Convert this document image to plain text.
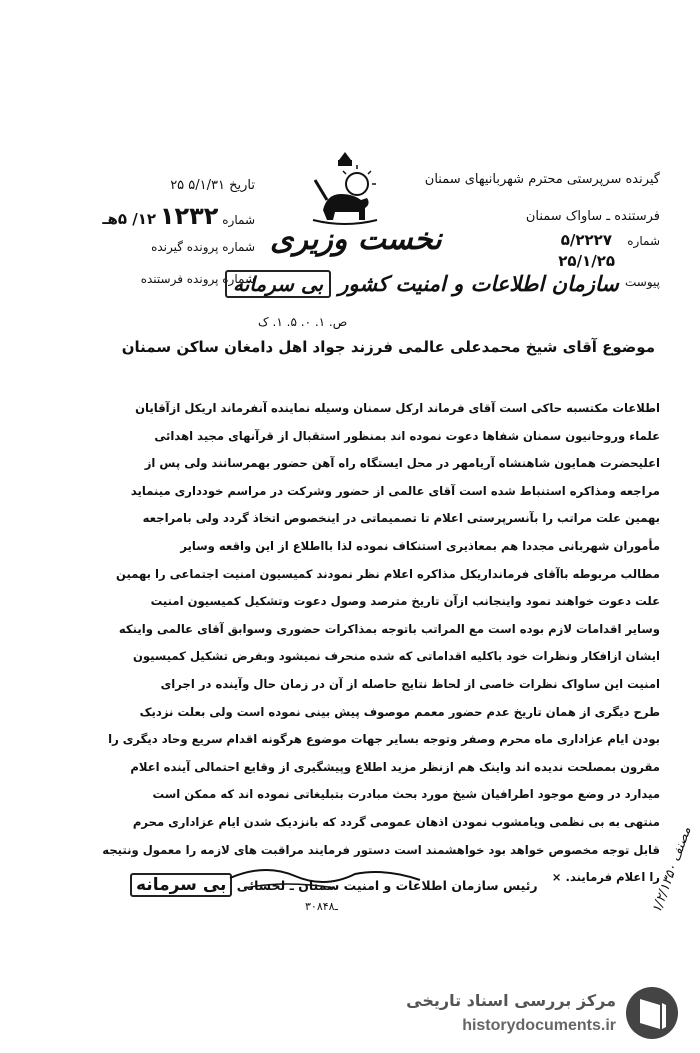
گیرنده سرپرستی محترم شهربانیهای سمنان
فرستنده ـ ساواک سمنان
شماره    ۵/۲۲۲۷
۲۵/۱/۲۵
پیوست
تاریخ ۵/۱/۳۱ ۲۵
شماره ۱۲۳۲ ۱۲/ ۵هـ
شماره پرونده گیرنده
شماره پرونده فرستنده
نخست وزیری
سازمان اطلاعات و امنیت کشور بی سرمانه
ص. ۱. ۰. ۵. ۱. ک
موضوع آقای شیخ محمدعلی عالمی فرزند جواد اهل دامغان ساکن سمنان

اطلاعات مکتسبه حاکی است آقای فرماند ارکل سمنان وسیله نماینده آنفرماند اریکل ازآقایان

علماء وروحانیون سمنان شفاها دعوت نموده اند بمنظور استقبال از قرآنهای مجید اهدائی

اعلیحضرت همایون شاهنشاه آریامهر در محل ایستگاه راه آهن حضور بهمرسانند ولی پس از

مراجعه ومذاکره استنباط شده است آقای عالمی از حضور وشرکت در مراسم خودداری مینماید

بهمین علت مراتب را بآنسرپرستی اعلام تا تصمیماتی در اینخصوص اتخاذ گردد ولی بامراجعه

مأموران شهربانی مجددا هم بمعاذیری استنکاف نموده لذا بااطلاع از این واقعه وسایر

مطالب مربوطه باآقای فرمانداریکل مذاکره اعلام نظر نمودند کمیسیون امنیت اجتماعی را بهمین

علت دعوت خواهند نمود واینجانب ازآن تاریخ مترصد وصول دعوت وتشکیل کمیسیون امنیت

وسایر اقدامات لازم بوده است مع المراتب باتوجه بمذاکرات حضوری وسوابق آقای عالمی واینکه

ایشان ازافکار ونظرات خود باکلیه اقداماتی که شده منحرف نمیشود وبفرض تشکیل کمیسیون

امنیت این ساواک نظرات خاصی از لحاظ نتایج حاصله از آن در زمان حال وآینده در اجرای

طرح دیگری از همان تاریخ عدم حضور معمم موصوف پیش بینی نموده است ولی بعلت نزدیک

بودن ایام عزاداری ماه محرم وصفر وتوجه بسایر جهات موضوع هرگونه اقدام سریع وحاد دیگری را

مقرون بمصلحت ندیده اند واینک هم ازنظر مزید اطلاع وپیشگیری از وقایع احتمالی آینده اعلام

میدارد در وضع موجود اطرافیان شیخ مورد بحث مبادرت بتبلیغاتی نموده اند که ممکن است

منتهی به بی نظمی ویامشوب نمودن اذهان عمومی گردد که بانزدیک شدن ایام عزاداری محرم

قابل توجه مخصوص خواهد بود خواهشمند است دستور فرمایند مراقبت های لازمه را معمول ونتیجه

را اعلام فرمایند. ×

رئیس سازمان اطلاعات و امنیت سمنان ـ لحسائی بی سرمانه
۳۰۸ـ۴۸	مصنف ۱/۲/۱۳۵۰
مرکز بررسی اسناد تاریخی
historydocuments.ir
